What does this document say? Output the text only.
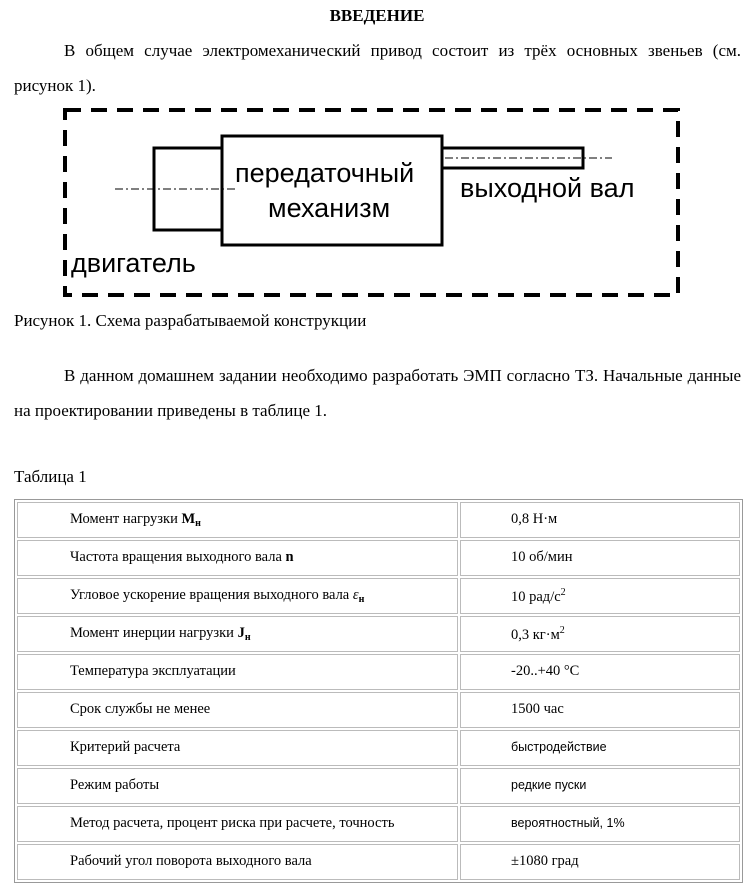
ВВЕДЕНИЕ
В общем случае электромеханический привод состоит из трёх основных звеньев (см. рисунок 1).
передаточный
механизм
выходной вал
двигатель
Рисунок 1. Схема разрабатываемой конструкции
В данном домашнем задании необходимо разработать ЭМП согласно ТЗ. Начальные данные на проектировании приведены в таблице 1.
Таблица 1
Момент нагрузки $M_н$	0,8 Н·м
Частота вращения выходного вала n	10 об/мин
Угловое ускорение вращения выходного вала $\varepsilon_н$	10 рад/$с^2$
Момент инерции нагрузки $J_н$	0,3 $кг\cdot м^2$
Температура эксплуатации	-20..+40 °C
Срок службы не менее	1500 час
Критерий расчета	быстродействие
Режим работы	редкие пуски
Метод расчета, процент риска при расчете, точность	вероятностный, 1%
Рабочий угол поворота выходного вала	±1080 град
